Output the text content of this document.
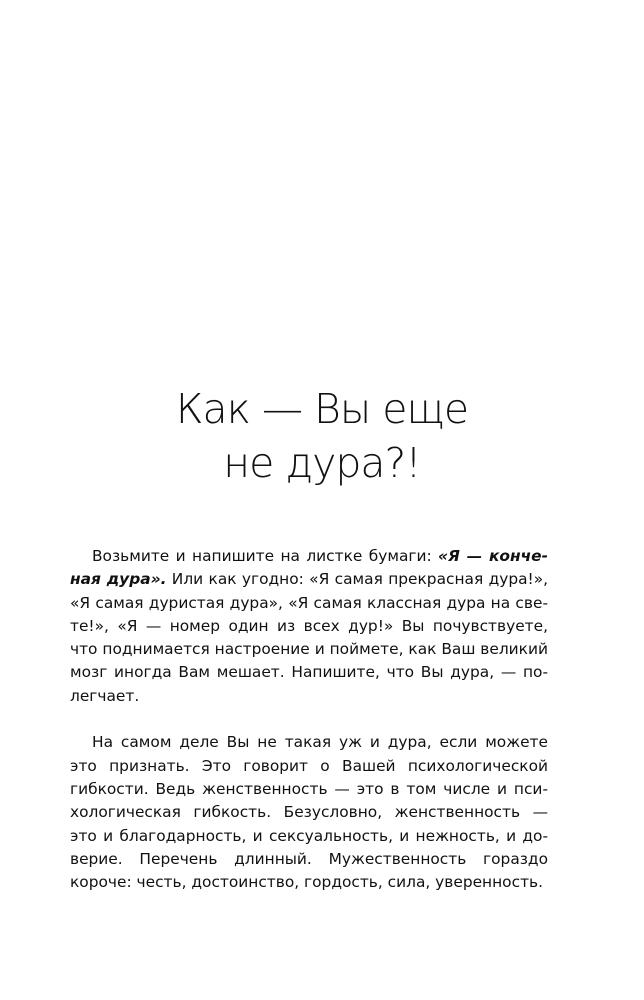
Как — Вы еще
не дура?!

Возьмите и напишите на листке бумаги: «Я — конченая дура». Или как угодно: «Я самая прекрасная дура!», «Я самая дуристая дура», «Я самая классная дура на свете!», «Я — номер один из всех дур!» Вы почувствуете, что поднимается настроение и поймете, как Ваш великий мозг иногда Вам мешает. Напишите, что Вы дура, — полегчает.

На самом деле Вы не такая уж и дура, если можете это признать. Это говорит о Вашей психологической гибкости. Ведь женственность — это в том числе и психологическая гибкость. Безусловно, женственность — это и благодарность, и сексуальность, и нежность, и доверие. Перечень длинный. Мужественность гораздо короче: честь, достоинство, гордость, сила, уверенность.
